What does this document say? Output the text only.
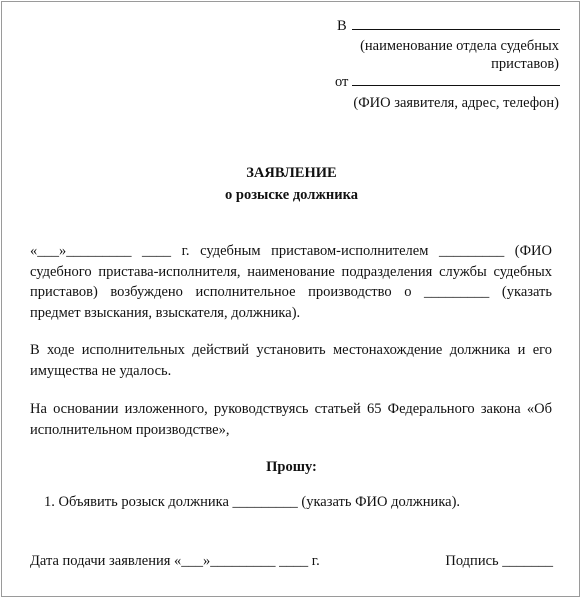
В
(наименование отдела судебных
приставов)
от
(ФИО заявителя, адрес, телефон)
ЗАЯВЛЕНИЕ
о розыске должника
«___»_________ ____ г. судебным приставом-исполнителем _________ (ФИО судебного пристава-исполнителя, наименование подразделения службы судебных приставов) возбуждено исполнительное производство о _________ (указать предмет взыскания, взыскателя, должника).
В ходе исполнительных действий установить местонахождение должника и его имущества не удалось.
На основании изложенного, руководствуясь статьей 65 Федерального закона «Об исполнительном производстве»,
Прошу:
1. Объявить розыск должника _________ (указать ФИО должника).
Дата подачи заявления «___»_________ ____ г.	Подпись _______
